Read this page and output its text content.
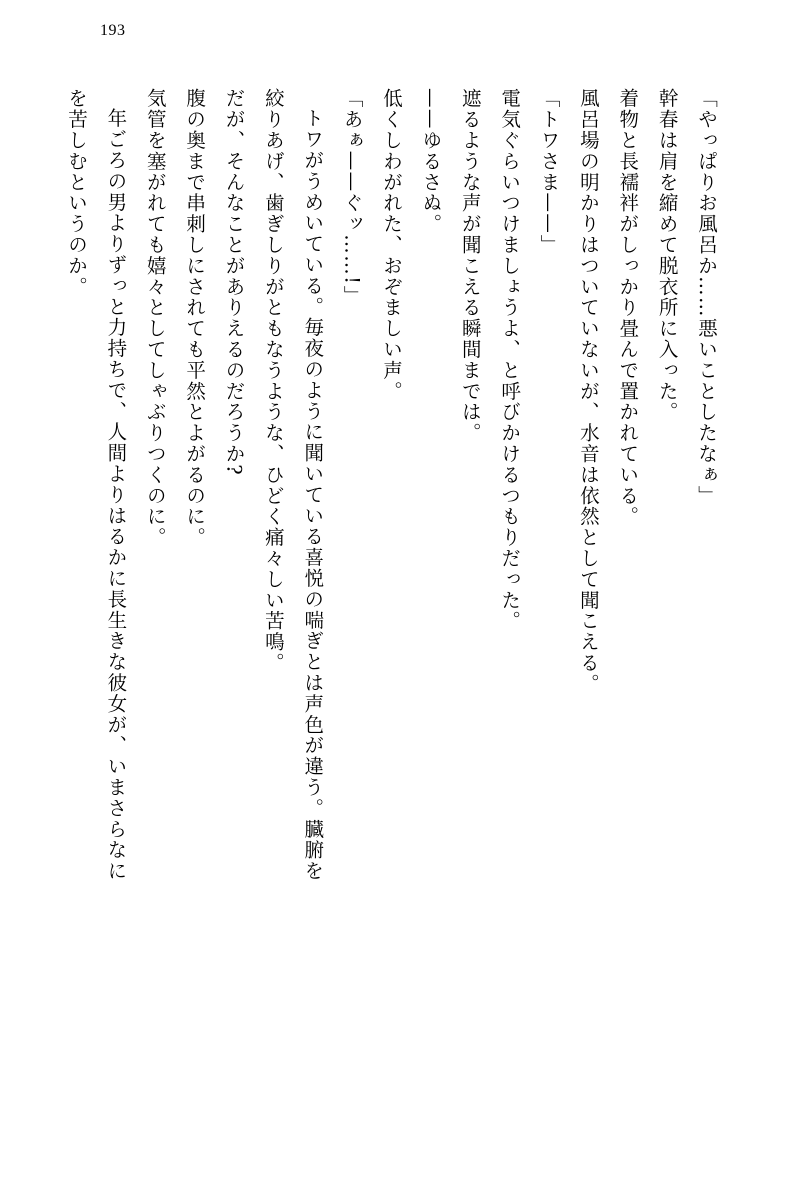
193

「やっぱりお風呂か……悪いことしたなぁ」

幹春は肩を縮めて脱衣所に入った。

着物と長襦袢がしっかり畳んで置かれている。

風呂場の明かりはついていないが、水音は依然として聞こえる。

「トワさま——」

電気ぐらいつけましょうよ、と呼びかけるつもりだった。

遮るような声が聞こえる瞬間までは。

——ゆるさぬ。

低くしわがれた、おぞましい声。

「あぁ——ぐッ……!」

トワがうめいている。毎夜のように聞いている喜悦の喘ぎとは声色が違う。臓腑を

絞りあげ、歯ぎしりがともなうような、ひどく痛々しい苦鳴。

だが、そんなことがありえるのだろうか?

腹の奥まで串刺しにされても平然とよがるのに。

気管を塞がれても嬉々としてしゃぶりつくのに。

年ごろの男よりずっと力持ちで、人間よりはるかに長生きな彼女が、いまさらなに

を苦しむというのか。
